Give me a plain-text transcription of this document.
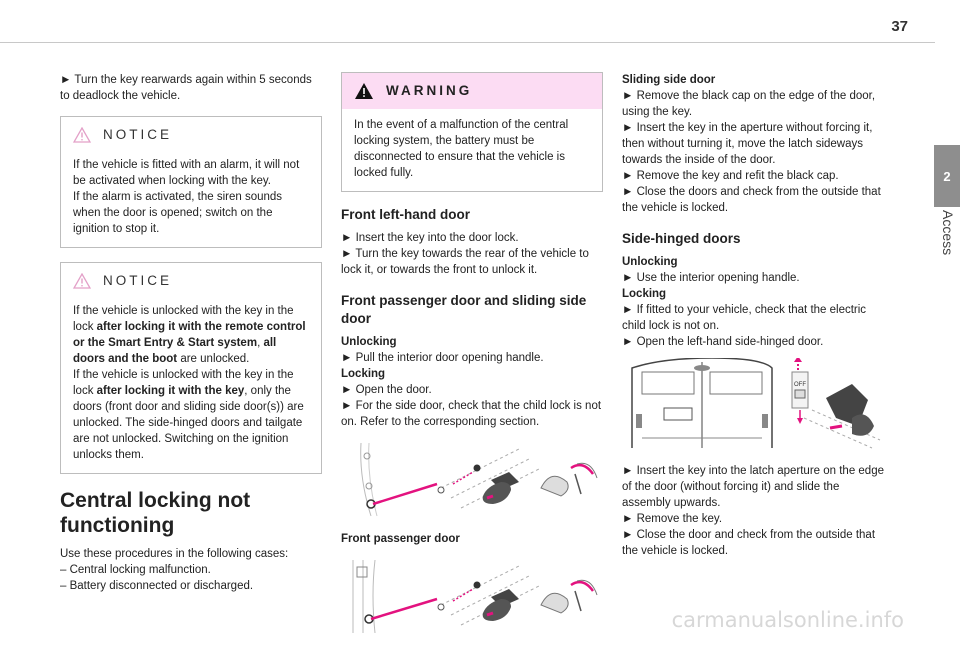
37
2
Access

► Turn the key rearwards again within 5 seconds to deadlock the vehicle.

NOTICE

If the vehicle is fitted with an alarm, it will not be activated when locking with the key.

If the alarm is activated, the siren sounds when the door is opened; switch on the ignition to stop it.

NOTICE

If the vehicle is unlocked with the key in the lock after locking it with the remote control or the Smart Entry & Start system, all doors and the boot are unlocked.

If the vehicle is unlocked with the key in the lock after locking it with the key, only the doors (front door and sliding side door(s)) are unlocked. The side-hinged doors and tailgate are not unlocked. Switching on the ignition unlocks them.

Central locking not functioning

Use these procedures in the following cases:

– Central locking malfunction.

– Battery disconnected or discharged.

WARNING

In the event of a malfunction of the central locking system, the battery must be disconnected to ensure that the vehicle is locked fully.

Front left-hand door

► Insert the key into the door lock.

► Turn the key towards the rear of the vehicle to lock it, or towards the front to unlock it.

Front passenger door and sliding side door

Unlocking

► Pull the interior door opening handle.

Locking

► Open the door.

► For the side door, check that the child lock is not on. Refer to the corresponding section.

Front passenger door

Sliding side door

► Remove the black cap on the edge of the door, using the key.

► Insert the key in the aperture without forcing it, then without turning it, move the latch sideways towards the inside of the door.

► Remove the key and refit the black cap.

► Close the doors and check from the outside that the vehicle is locked.

Side-hinged doors

Unlocking

► Use the interior opening handle.

Locking

► If fitted to your vehicle, check that the electric child lock is not on.

► Open the left-hand side-hinged door.

OFF

► Insert the key into the latch aperture on the edge of the door (without forcing it) and slide the assembly upwards.

► Remove the key.

► Close the door and check from the outside that the vehicle is locked.

carmanualsonline.info
